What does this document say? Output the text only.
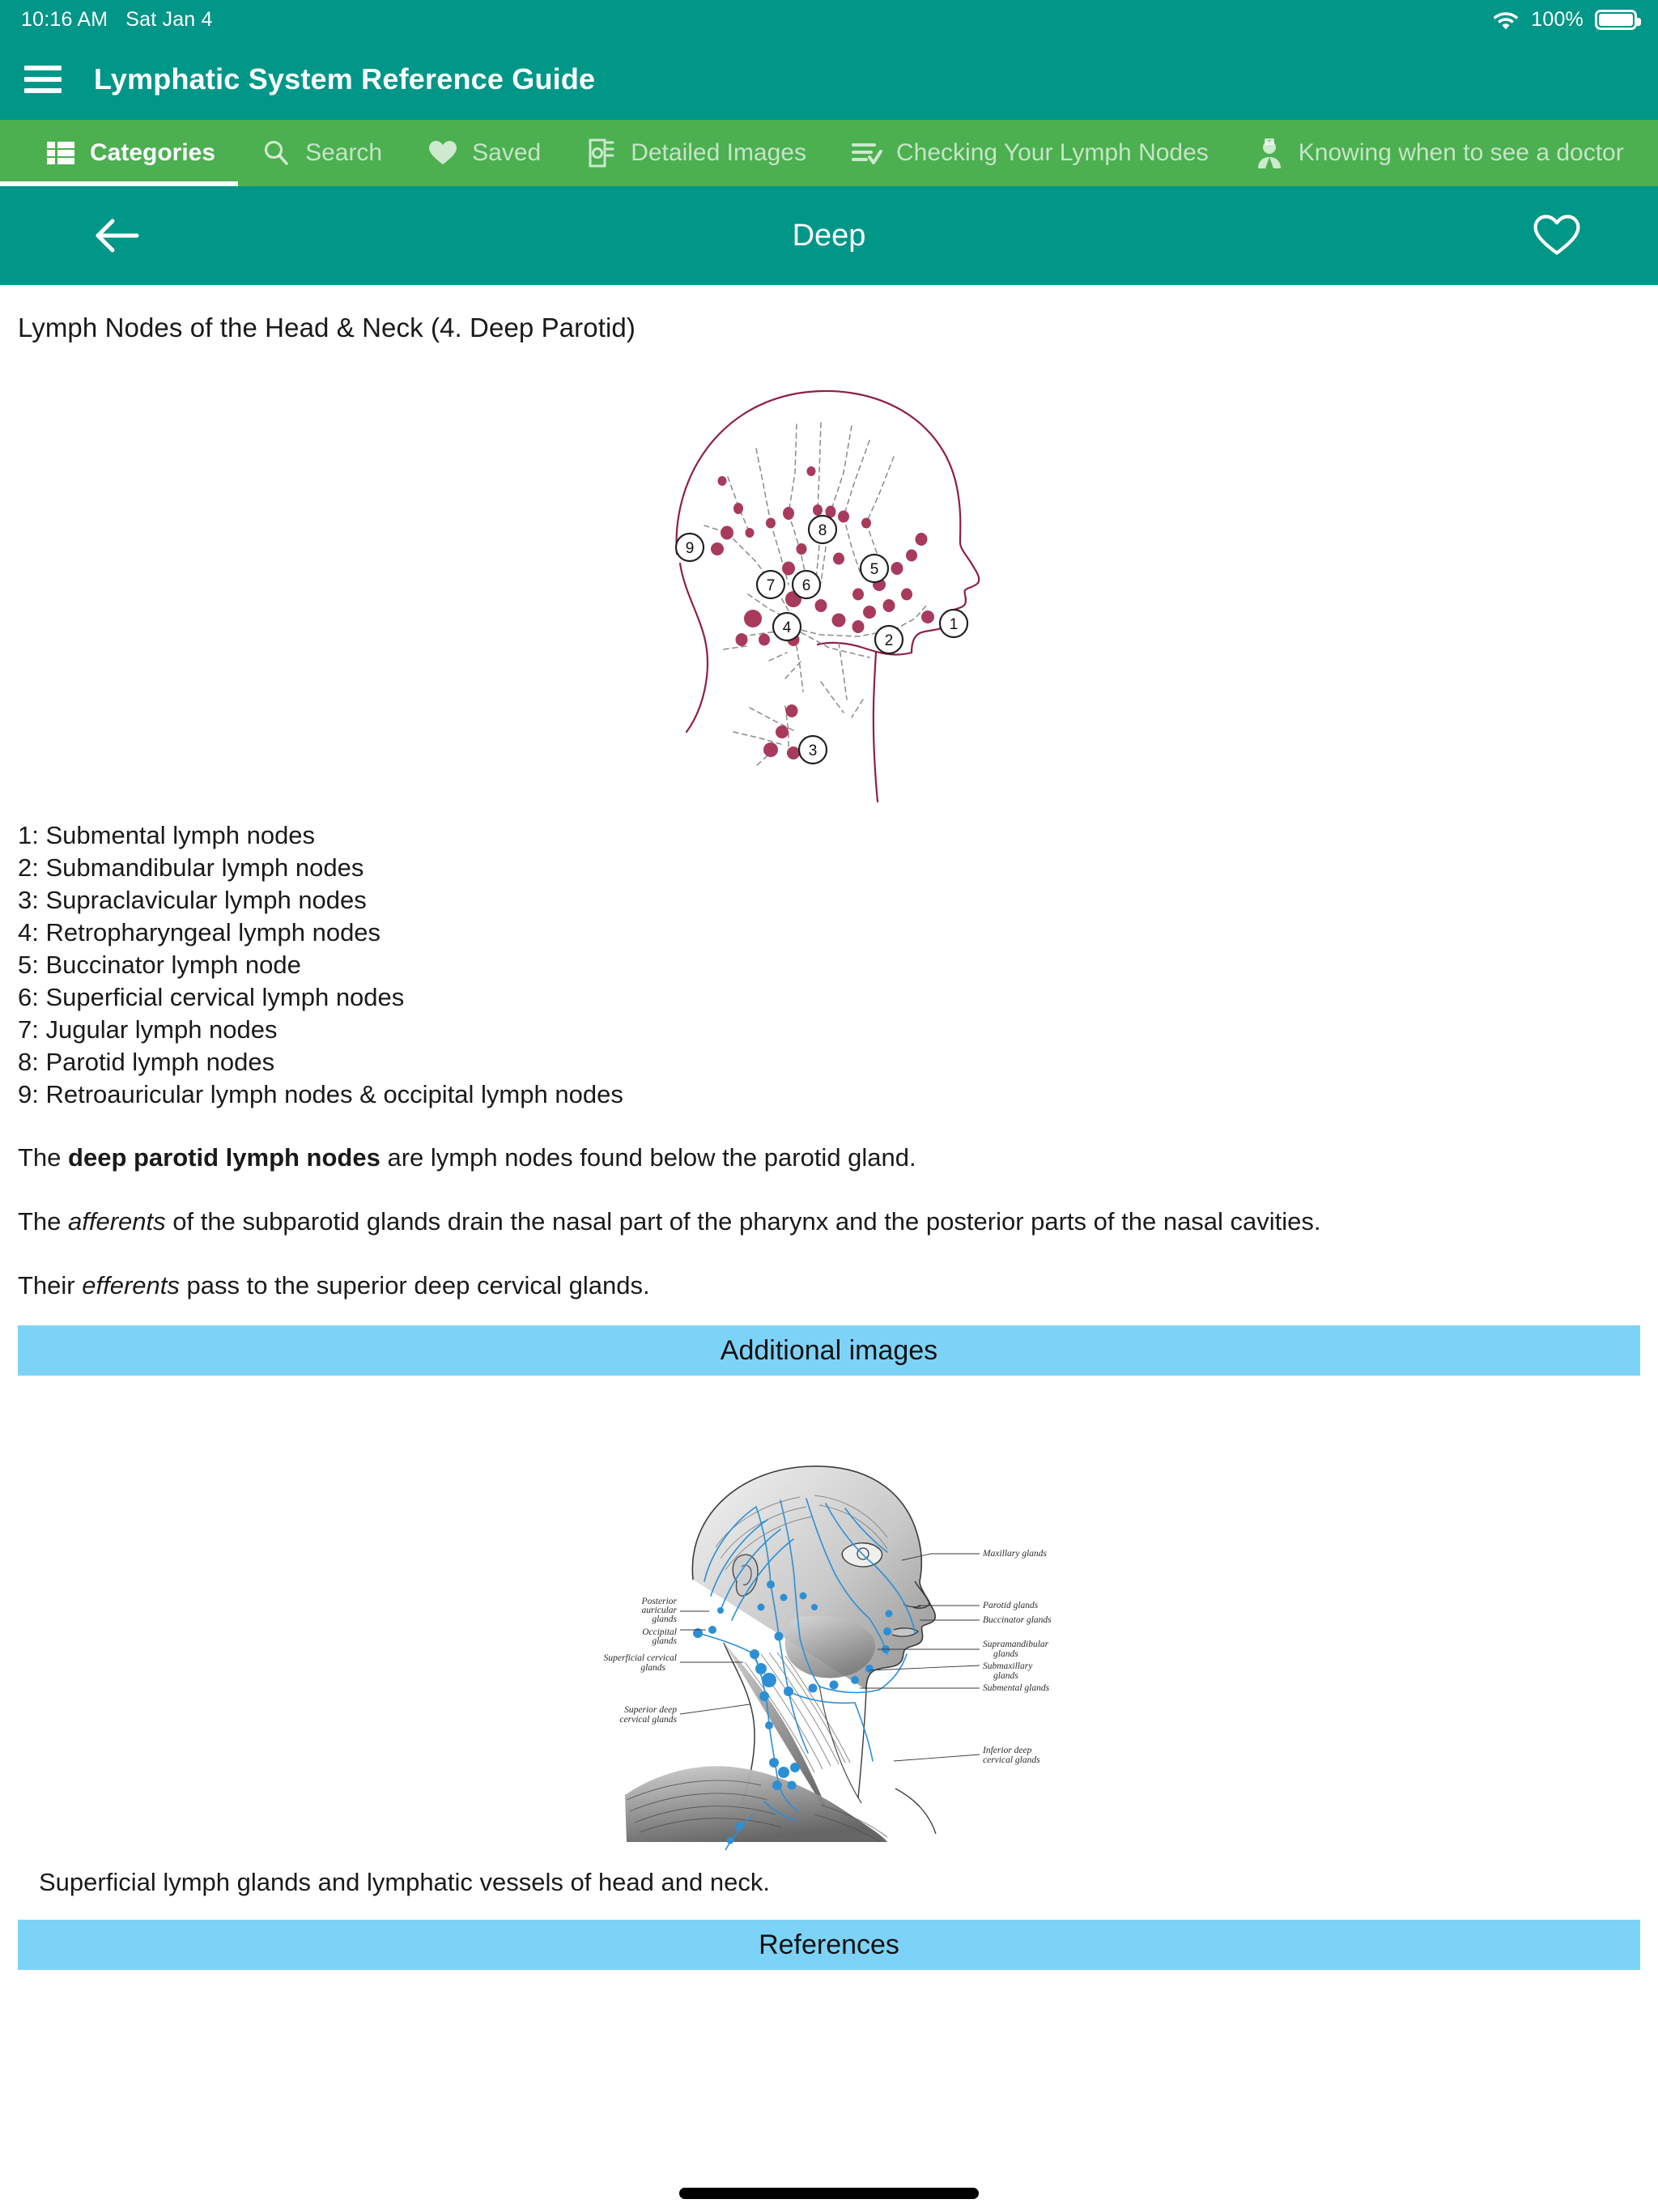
10:16 AM Sat Jan 4	100%
Lymphatic System Reference Guide
Categories	Search	Saved	Detailed Images	Checking Your Lymph Nodes	Knowing when to see a doctor
Deep
Lymph Nodes of the Head & Neck (4. Deep Parotid)
1
2
3
4
5
6
7
8
9
1: Submental lymph nodes
2: Submandibular lymph nodes
3: Supraclavicular lymph nodes
4: Retropharyngeal lymph nodes
5: Buccinator lymph node
6: Superficial cervical lymph nodes
7: Jugular lymph nodes
8: Parotid lymph nodes
9: Retroauricular lymph nodes & occipital lymph nodes
The deep parotid lymph nodes are lymph nodes found below the parotid gland.
The afferents of the subparotid glands drain the nasal part of the pharynx and the posterior parts of the nasal cavities.
Their efferents pass to the superior deep cervical glands.
Additional images
Maxillary glands
Parotid glands
Buccinator glands
Supramandibular
glands
Submaxillary
glands
Submental glands
Inferior deep
cervical glands
Posterior
auricular
glands
Occipital
glands
Superficial cervical
glands
Superior deep
cervical glands
Superficial lymph glands and lymphatic vessels of head and neck.
References
